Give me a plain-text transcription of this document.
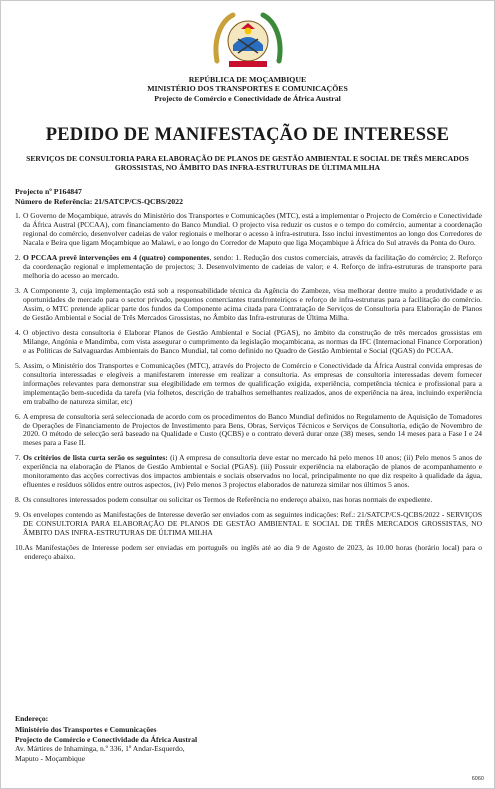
REPÚBLICA DE MOÇAMBIQUE
MINISTÉRIO DOS TRANSPORTES E COMUNICAÇÕES
Projecto de Comércio e Conectividade de África Austral
PEDIDO DE MANIFESTAÇÃO DE INTERESSE
SERVIÇOS DE CONSULTORIA PARA ELABORAÇÃO DE PLANOS DE GESTÃO AMBIENTAL E SOCIAL DE TRÊS MERCADOS GROSSISTAS, NO ÂMBITO DAS INFRA-ESTRUTURAS DE ÚLTIMA MILHA
Projecto nº P164847
Número de Referência: 21/SATCP/CS-QCBS/2022
1. O Governo de Moçambique, através do Ministério dos Transportes e Comunicações (MTC), está a implementar o Projecto de Comércio e Conectividade da África Austral (PCCAA), com financiamento do Banco Mundial. O projecto visa reduzir os custos e o tempo do comércio, aumentar a coordenação regional do comércio, desenvolver cadeias de valor regionais e melhorar o acesso à infra-estrutura. Isso inclui investimentos ao longo dos Corredores de Nacala e Beira que ligam Moçambique ao Malawi, e ao longo do Corredor de Maputo que liga Moçambique à África do Sul através da Ponta do Ouro.
2. O PCCAA prevê intervenções em 4 (quatro) componentes, sendo: 1. Redução dos custos comerciais, através da facilitação do comércio; 2. Reforço da coordenação regional e implementação de projectos; 3. Desenvolvimento de cadeias de valor; e 4. Reforço de infra-estruturas de transporte para melhoria do acesso ao mercado.
3. A Componente 3, cuja implementação está sob a responsabilidade técnica da Agência do Zambeze, visa melhorar dentre muito a produtividade e as oportunidades de mercado para o sector privado, pequenos comerciantes transfronteiriços e reforço de infra-estruturas para a facilitação do comércio. Assim, o MTC pretende aplicar parte dos fundos da Componente acima citada para Contratação de Serviços de Consultoria para Elaboração de Planos de Gestão Ambiental e Social de Três Mercados Grossistas, no Âmbito das Infra-estruturas de Última Milha.
4. O objectivo desta consultoria é Elaborar Planos de Gestão Ambiental e Social (PGAS), no âmbito da construção de três mercados grossistas em Milange, Angónia e Mandimba, com vista assegurar o cumprimento da legislação moçambicana, as normas da IFC (Internacional Finance Corporation) e as Políticas de Salvaguardas Ambientais do Banco Mundial, tal como definido no Quadro de Gestão Ambiental e Social (QGAS) do PCCAA.
5. Assim, o Ministério dos Transportes e Comunicações (MTC), através do Projecto de Comércio e Conectividade da África Austral convida empresas de consultoria interessadas e elegíveis a manifestarem interesse em realizar a consultoria. As empresas de consultoria interessadas devem fornecer informações relevantes para demonstrar sua elegibilidade em termos de qualificação exigida, experiência, competência técnica e profissional para a implementação bem-sucedida da tarefa (via folhetos, descrição de trabalhos semelhantes realizados, anos de experiência na área, incluindo experiência em trabalho de natureza similar, etc)
6. A empresa de consultoria será seleccionada de acordo com os procedimentos do Banco Mundial definidos no Regulamento de Aquisição de Tomadores de Operações de Financiamento de Projectos de Investimento para Bens, Obras, Serviços Técnicos e Serviços de Consultoria, edição de Novembro de 2020. O método de selecção será baseado na Qualidade e Custo (QCBS) e o contrato deverá durar onze (38) meses, sendo 14 meses para a Fase I e 24 meses para a Fase II.
7. Os critérios de lista curta serão os seguintes: (i) A empresa de consultoria deve estar no mercado há pelo menos 10 anos; (ii) Pelo menos 5 anos de experiência na elaboração de Planos de Gestão Ambiental e Social (PGAS). (iii) Possuir experiência na elaboração de planos de acompanhamento e monitoramento das acções correctivas dos impactos ambientais e sociais observados no local, principalmente no que diz respeito à qualidade da água, efluentes e resíduos sólidos entre outros aspectos, (iv) Pelo menos 3 projectos elaborados de natureza similar nos últimos 5 anos.
8. Os consultores interessados podem consultar ou solicitar os Termos de Referência no endereço abaixo, nas horas normais de expediente.
9. Os envelopes contendo as Manifestações de Interesse deverão ser enviados com as seguintes indicações: Ref.: 21/SATCP/CS-QCBS/2022 - SERVIÇOS DE CONSULTORIA PARA ELABORAÇÃO DE PLANOS DE GESTÃO AMBIENTAL E SOCIAL DE TRÊS MERCADOS GROSSISTAS, NO ÂMBITO DAS INFRA-ESTRUTURAS DE ÚLTIMA MILHA
10. As Manifestações de Interesse podem ser enviadas em português ou inglês até ao dia 9 de Agosto de 2023, às 10.00 horas (horário local) para o endereço abaixo.
Endereço:
Ministério dos Transportes e Comunicações
Projecto de Comércio e Conectividade da África Austral
Av. Mártires de Inhaminga, n.º 336, 1º Andar-Esquerdo,
Maputo - Moçambique
6060
